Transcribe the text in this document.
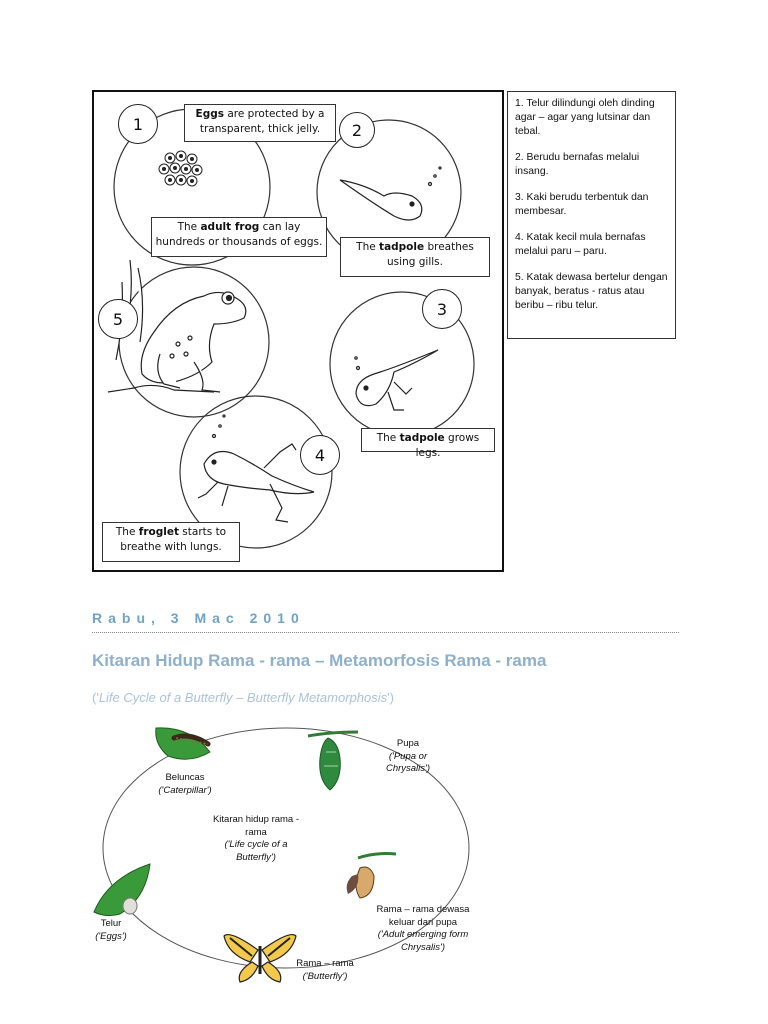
1	2
3
4
5
Eggs are protected by a
transparent, thick jelly.
The adult frog can lay
hundreds or thousands of eggs.	The tadpole breathes
using gills.
The tadpole grows legs.
The froglet starts to
breathe with lungs.

1. Telur dilindungi oleh dinding agar – agar yang lutsinar dan tebal.

2. Berudu bernafas melalui insang.

3. Kaki berudu terbentuk dan membesar.

4. Katak kecil mula bernafas melalui paru – paru.

5. Katak dewasa bertelur dengan banyak, beratus - ratus atau beribu – ribu telur.

Rabu, 3 Mac 2010
Kitaran Hidup Rama - rama – Metamorfosis Rama - rama
('Life Cycle of a Butterfly – Butterfly Metamorphosis')
Kitaran hidup rama -
rama
('Life cycle of a
Butterfly')
Beluncas
('Caterpillar')
Pupa
('Pupa or
Chrysalis')
Rama – rama dewasa
keluar dari pupa
('Adult emerging form
Chrysalis')
Rama – rama
('Butterfly')
Telur
('Eggs')
